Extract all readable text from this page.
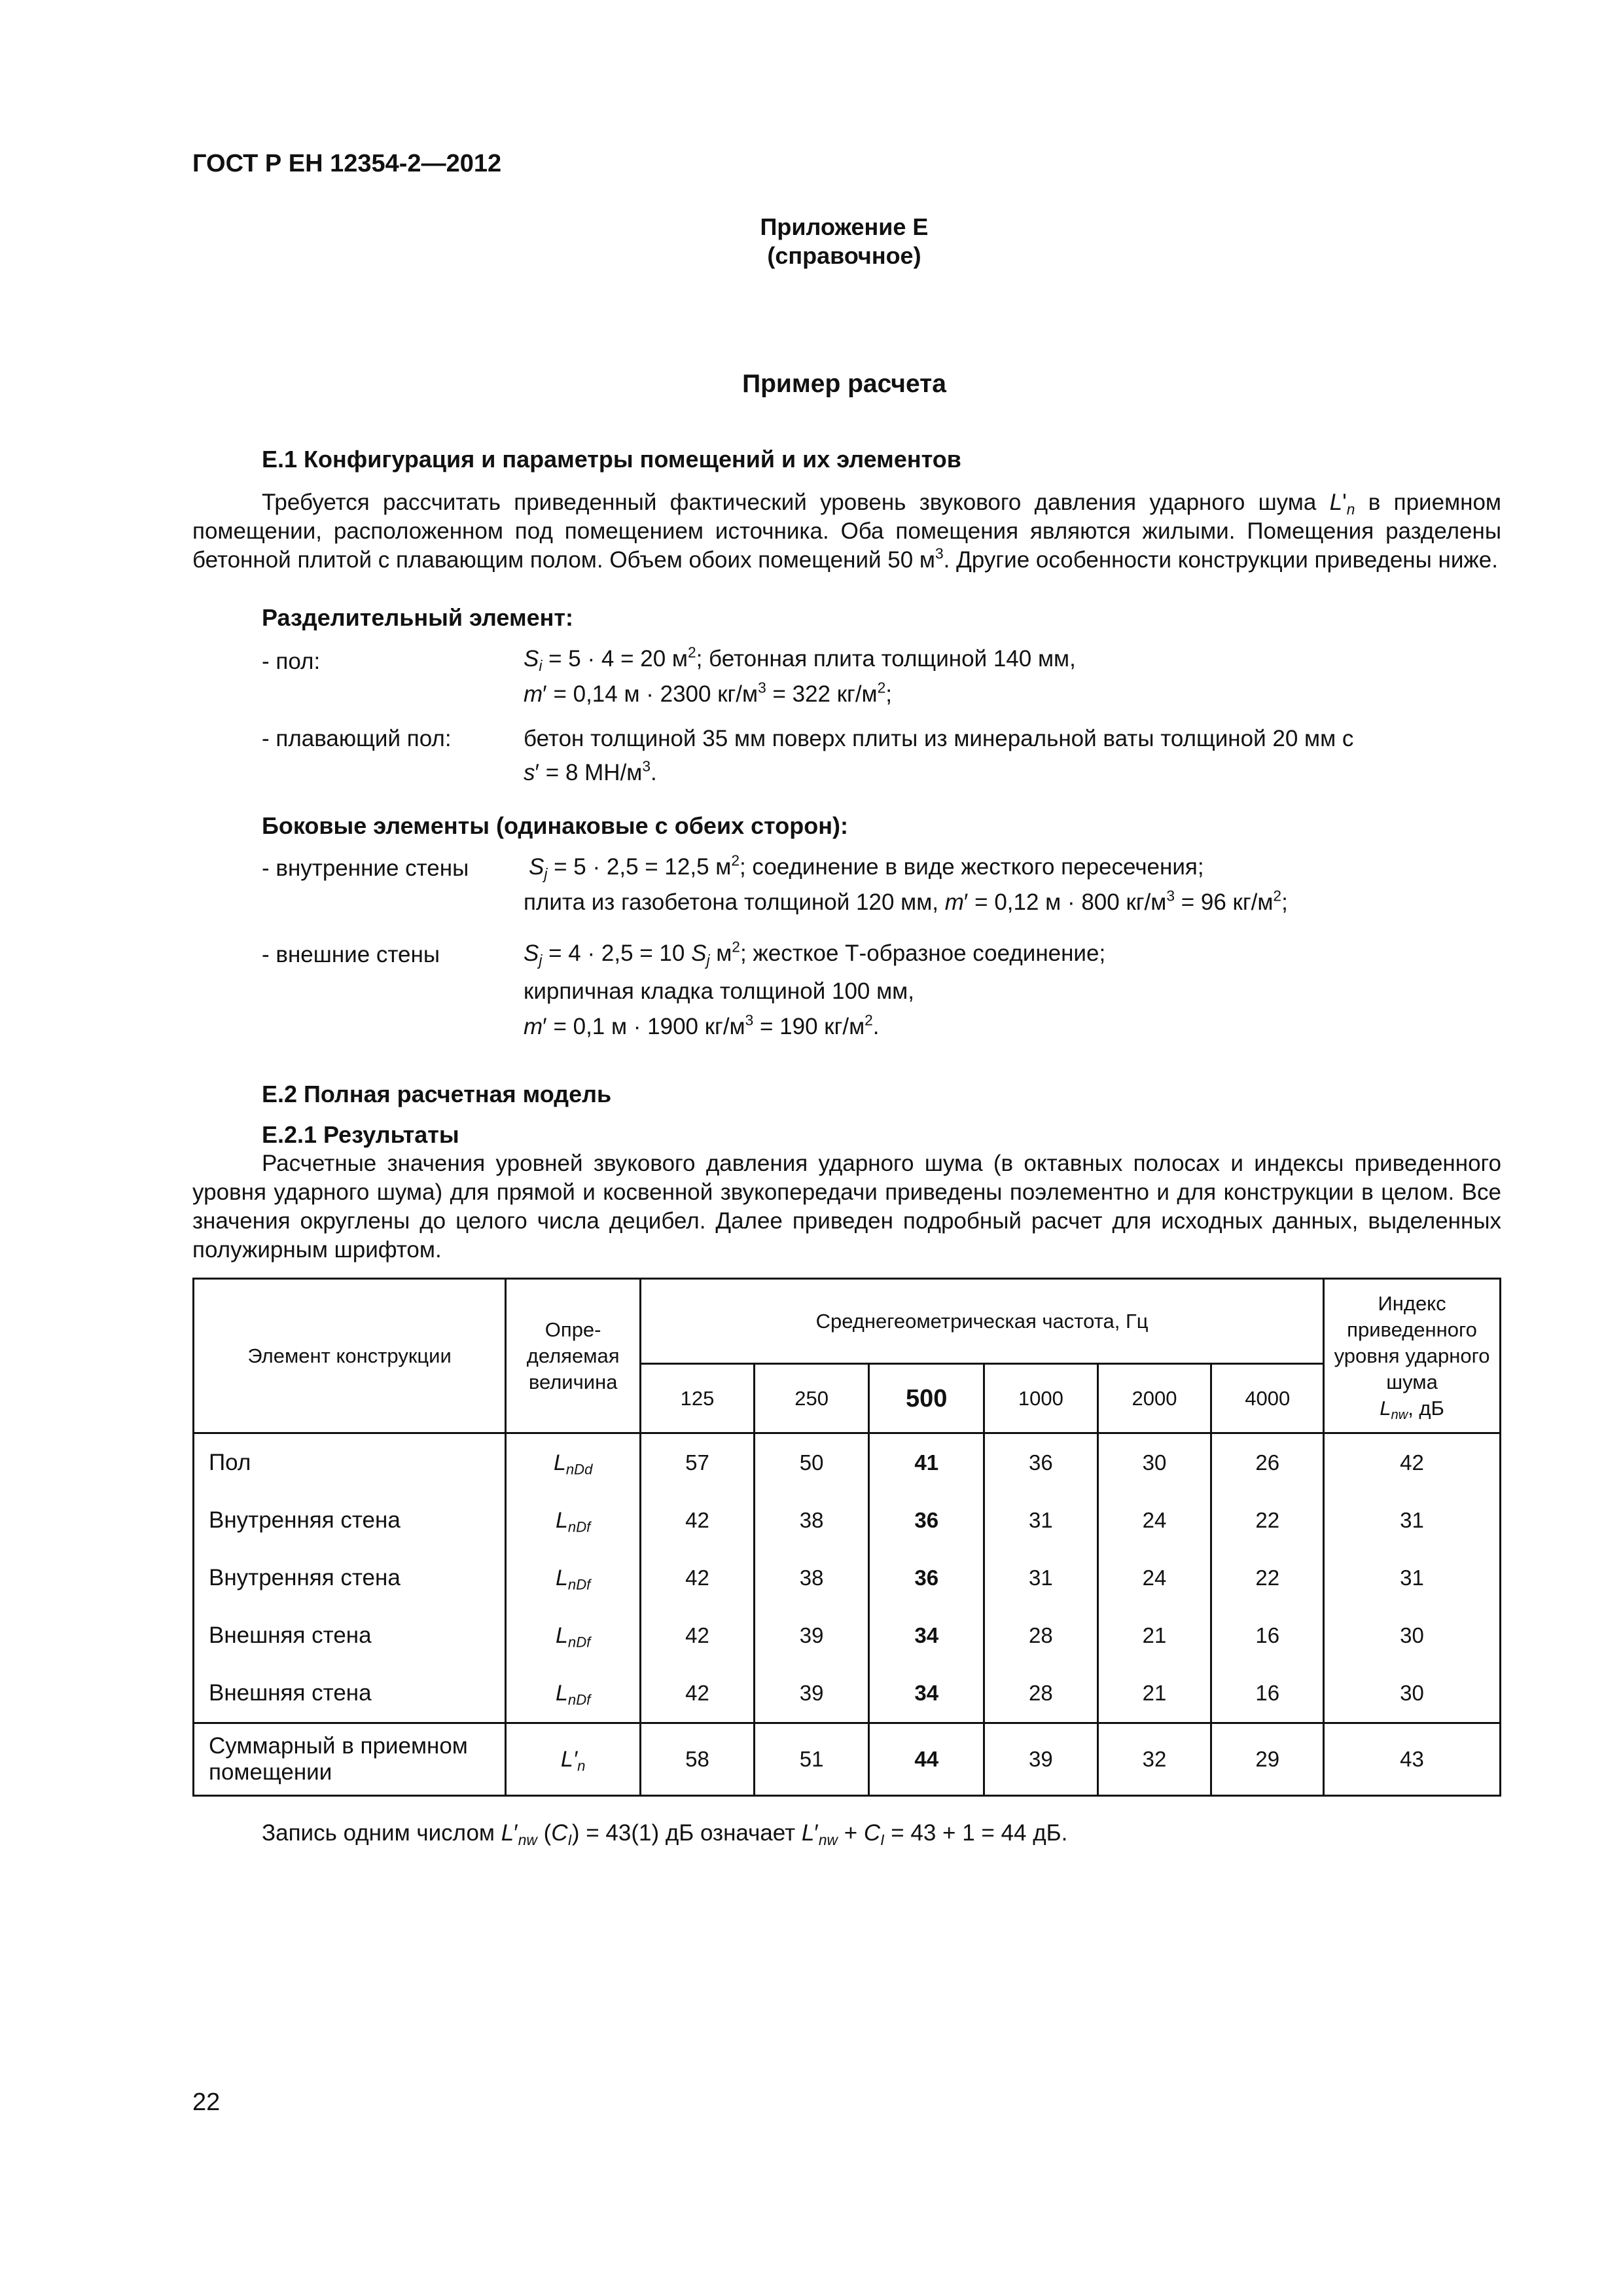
ГОСТ Р ЕН 12354-2—2012
Приложение Е
(справочное)
Пример расчета
Е.1 Конфигурация и параметры помещений и их элементов
Требуется рассчитать приведенный фактический уровень звукового давления ударного шума $L'_n$ в приемном помещении, расположенном под помещением источника. Оба помещения являются жилыми. Помещения разделены бетонной плитой с плавающим полом. Объем обоих помещений 50 $м^3$. Другие особенности конструкции приведены ниже.
Разделительный элемент:
- пол:	$S_i = 5 \cdot 4 = 20$ $м^2$; бетонная плита толщиной 140 мм,
m′ = 0,14 м · 2300 $кг/м^3 = 322$ $кг/м^2$;
- плавающий пол:	бетон толщиной 35 мм поверх плиты из минеральной ваты толщиной 20 мм с
s′ = 8 $МН/м^3$.
Боковые элементы (одинаковые с обеих сторон):
- внутренние стены	$S_j = 5 \cdot 2,5 = 12,5$ $м^2$; соединение в виде жесткого пересечения;
плита из газобетона толщиной 120 мм, m′ = 0,12 м · 800 $кг/м^3 = 96$ $кг/м^2$;
- внешние стены	$S_j = 4 \cdot 2,5 = 10$ $S_j$ $м^2$; жесткое Т-образное соединение;
кирпичная кладка толщиной 100 мм,
m′ = 0,1 м · 1900 $кг/м^3 = 190$ $кг/м^2$.
Е.2 Полная расчетная модель
Е.2.1 Результаты
Расчетные значения уровней звукового давления ударного шума (в октавных полосах и индексы приведенного уровня ударного шума) для прямой и косвенной звукопередачи приведены поэлементно и для конструкции в целом. Все значения округлены до целого числа децибел. Далее приведен подробный расчет для исходных данных, выделенных полужирным шрифтом.
Элемент конструкции	Опре-деляемая величина	Среднегеометрическая частота, Гц						Индекс приведенного уровня ударного шума
$L_{nw}$, дБ
		125	250	500	1000	2000	4000	
Пол	$L_{nDd}$	57	50	41	36	30	26	42
Внутренняя стена	$L_{nDf}$	42	38	36	31	24	22	31
Внутренняя стена	$L_{nDf}$	42	38	36	31	24	22	31
Внешняя стена	$L_{nDf}$	42	39	34	28	21	16	30
Внешняя стена	$L_{nDf}$	42	39	34	28	21	16	30
Суммарный в приемном помещении	$L'_n$	58	51	44	39	32	29	43
Запись одним числом $L'_{nw}$ $(C_I) = 43(1)$ дБ означает $L'_{nw} + C_I = 43 + 1 = 44$ дБ.
22
